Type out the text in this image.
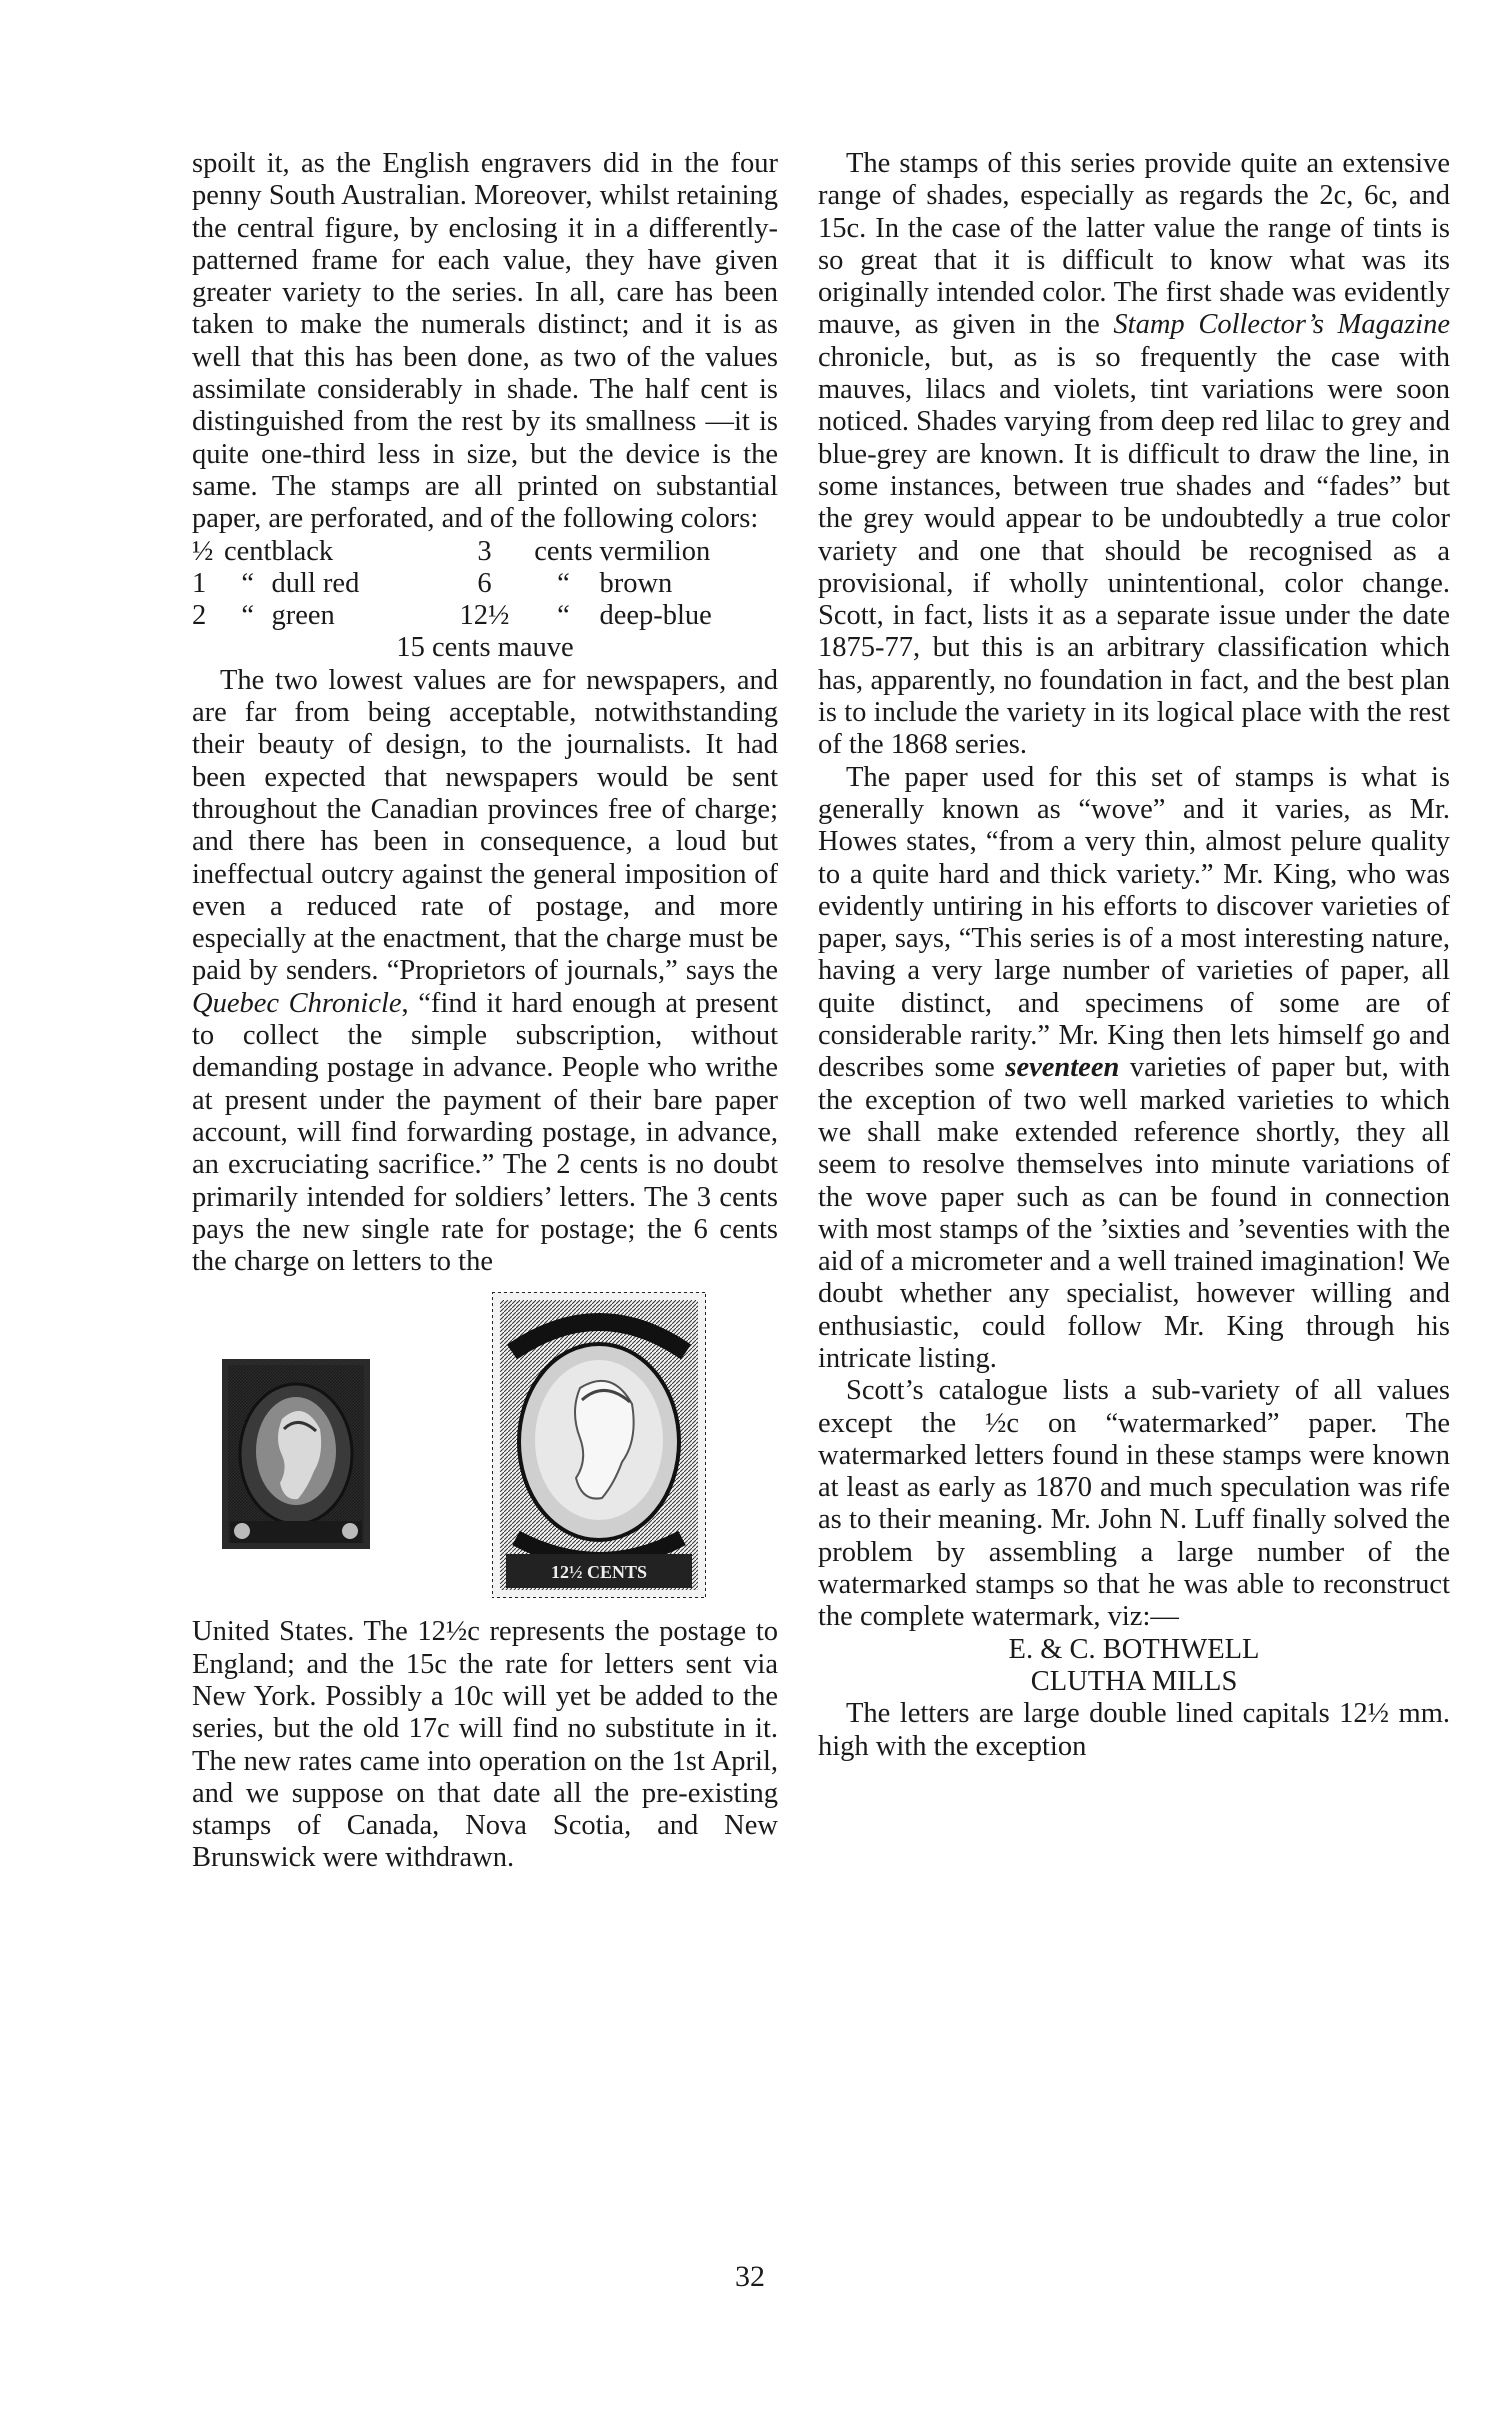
spoilt it, as the English engravers did in the four penny South Australian. Moreover, whilst retaining the central figure, by enclosing it in a differently-patterned frame for each value, they have given greater variety to the series. In all, care has been taken to make the numerals distinct; and it is as well that this has been done, as two of the values assimilate considerably in shade. The half cent is distinguished from the rest by its smallness —it is quite one-third less in size, but the device is the same. The stamps are all printed on substantial paper, are perforated, and of the following colors:

½	cent	black	3	cents	vermilion
1	“	dull red	6	“	brown
2	“	green	12½	“	deep-blue
15 cents mauve					

The two lowest values are for newspapers, and are far from being acceptable, notwithstanding their beauty of design, to the journalists. It had been expected that newspapers would be sent throughout the Canadian provinces free of charge; and there has been in consequence, a loud but ineffectual outcry against the general imposition of even a reduced rate of postage, and more especially at the enactment, that the charge must be paid by senders. “Proprietors of journals,” says the Quebec Chronicle, “find it hard enough at present to collect the simple subscription, without demanding postage in advance. People who writhe at present under the payment of their bare paper account, will find forwarding postage, in advance, an excruciating sacrifice.” The 2 cents is no doubt primarily intended for soldiers’ letters. The 3 cents pays the new single rate for postage; the 6 cents the charge on letters to the

12½ CENTS

United States. The 12½c represents the postage to England; and the 15c the rate for letters sent via New York. Possibly a 10c will yet be added to the series, but the old 17c will find no substitute in it. The new rates came into operation on the 1st April, and we suppose on that date all the pre-existing stamps of Canada, Nova Scotia, and New Brunswick were withdrawn.

The stamps of this series provide quite an extensive range of shades, especially as regards the 2c, 6c, and 15c. In the case of the latter value the range of tints is so great that it is difficult to know what was its originally intended color. The first shade was evidently mauve, as given in the Stamp Collector’s Magazine chronicle, but, as is so frequently the case with mauves, lilacs and violets, tint variations were soon noticed. Shades varying from deep red lilac to grey and blue-grey are known. It is difficult to draw the line, in some instances, between true shades and “fades” but the grey would appear to be undoubtedly a true color variety and one that should be recognised as a provisional, if wholly unintentional, color change. Scott, in fact, lists it as a separate issue under the date 1875-77, but this is an arbitrary classification which has, apparently, no foundation in fact, and the best plan is to include the variety in its logical place with the rest of the 1868 series.

The paper used for this set of stamps is what is generally known as “wove” and it varies, as Mr. Howes states, “from a very thin, almost pelure quality to a quite hard and thick variety.” Mr. King, who was evidently untiring in his efforts to discover varieties of paper, says, “This series is of a most interesting nature, having a very large number of varieties of paper, all quite distinct, and specimens of some are of considerable rarity.” Mr. King then lets himself go and describes some seventeen varieties of paper but, with the exception of two well marked varieties to which we shall make extended reference shortly, they all seem to resolve themselves into minute variations of the wove paper such as can be found in connection with most stamps of the ’sixties and ’seventies with the aid of a micrometer and a well trained imagination! We doubt whether any specialist, however willing and enthusiastic, could follow Mr. King through his intricate listing.

Scott’s catalogue lists a sub-variety of all values except the ½c on “watermarked” paper. The watermarked letters found in these stamps were known at least as early as 1870 and much speculation was rife as to their meaning. Mr. John N. Luff finally solved the problem by assembling a large number of the watermarked stamps so that he was able to reconstruct the complete watermark, viz:—

E. & C. BOTHWELL

CLUTHA MILLS

The letters are large double lined capitals 12½ mm. high with the exception

32
